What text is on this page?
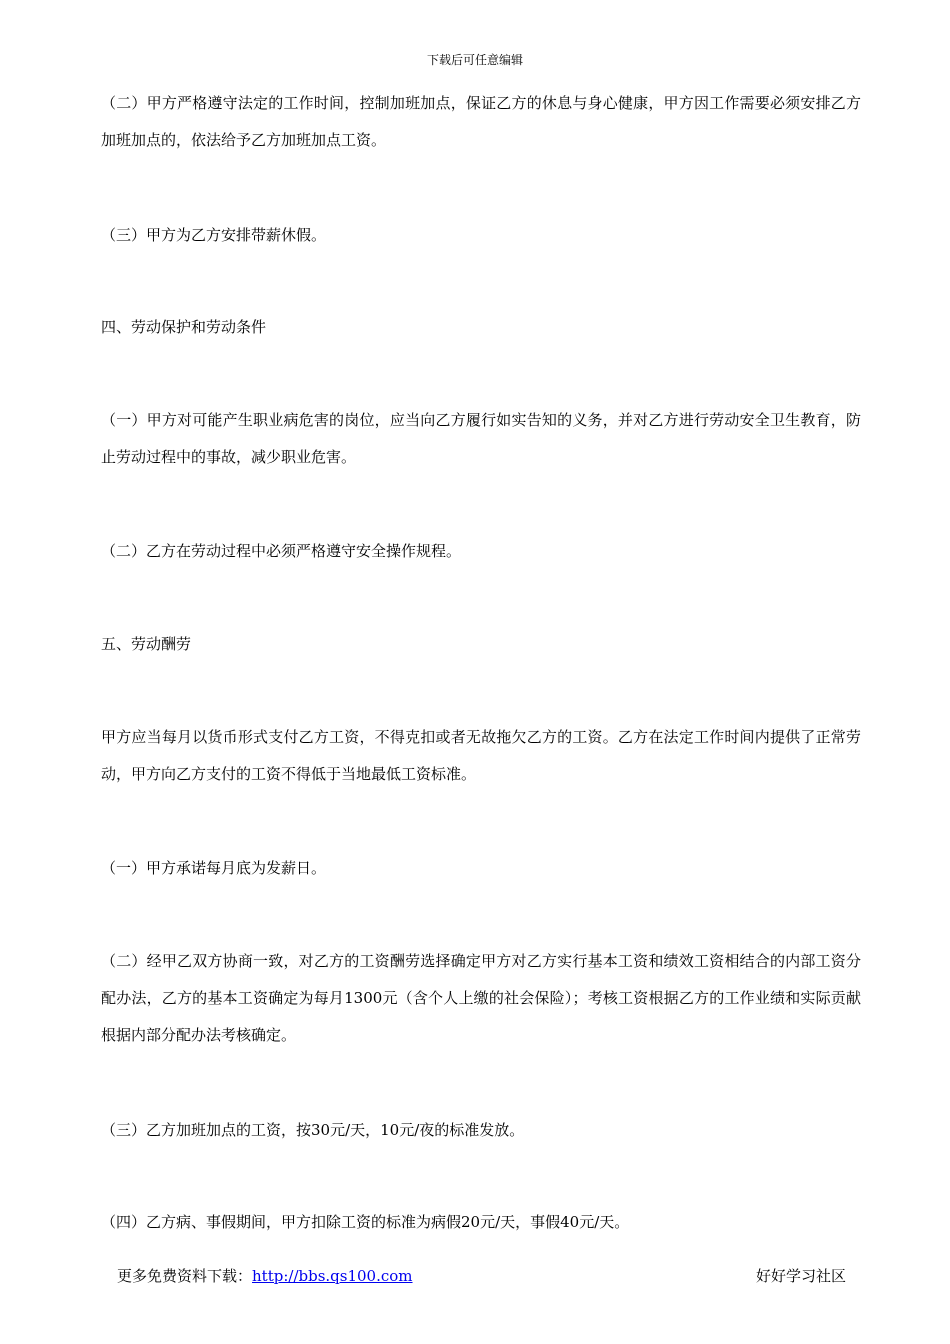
下载后可任意编辑
（二）甲方严格遵守法定的工作时间，控制加班加点，保证乙方的休息与身心健康，甲方因工作需要必须安排乙方加班加点的，依法给予乙方加班加点工资。
（三）甲方为乙方安排带薪休假。
四、劳动保护和劳动条件
（一）甲方对可能产生职业病危害的岗位，应当向乙方履行如实告知的义务，并对乙方进行劳动安全卫生教育，防止劳动过程中的事故，减少职业危害。
（二）乙方在劳动过程中必须严格遵守安全操作规程。
五、劳动酬劳
甲方应当每月以货币形式支付乙方工资，不得克扣或者无故拖欠乙方的工资。乙方在法定工作时间内提供了正常劳动，甲方向乙方支付的工资不得低于当地最低工资标准。
（一）甲方承诺每月底为发薪日。
（二）经甲乙双方协商一致，对乙方的工资酬劳选择确定甲方对乙方实行基本工资和绩效工资相结合的内部工资分配办法，乙方的基本工资确定为每月1300元（含个人上缴的社会保险）；考核工资根据乙方的工作业绩和实际贡献根据内部分配办法考核确定。
（三）乙方加班加点的工资，按30元/天，10元/夜的标准发放。
（四）乙方病、事假期间，甲方扣除工资的标准为病假20元/天，事假40元/天。
更多免费资料下载：http://bbs.qs100.com	好好学习社区
